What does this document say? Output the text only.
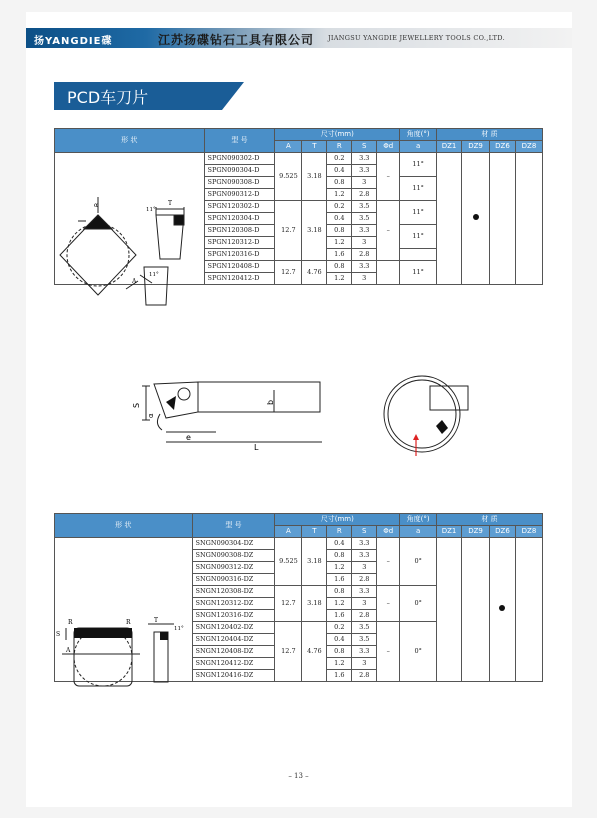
扬YANGDIE碟	江苏扬碟钻石工具有限公司 JIANGSU YANGDIE JEWELLERY TOOLS CO.,LTD.
PCD车刀片
形 状	型 号	尺寸(mm)					角度(°)	材 质			
		A	T	R	S	Φd	a	DZ1	DZ9	DZ6	DZ8
	SPGN090302-D	9.525	3.18	0.2	3.3	–	11°				
	SPGN090304-D			0.4	3.3						
	SPGN090308-D			0.8	3		11°				
	SPGN090312-D			1.2	2.8						
	SPGN120302-D	12.7	3.18	0.2	3.5	–	11°				
	SPGN120304-D			0.4	3.5						
	SPGN120308-D			0.8	3.3		11°				
	SPGN120312-D			1.2	3						
	SPGN120316-D			1.6	2.8						
	SPGN120408-D	12.7	4.76	0.8	3.3		11°				
	SPGN120412-D			1.2	3						
α	T
11°
11°
A
S
α
b
e
L
形 状	型 号	尺寸(mm)					角度(°)	材 质			
		A	T	R	S	Φd	a	DZ1	DZ9	DZ6	DZ8
	SNGN090304-DZ	9.525	3.18	0.4	3.3	–	0°				
	SNGN090308-DZ			0.8	3.3						
	SNGN090312-DZ			1.2	3						
	SNGN090316-DZ			1.6	2.8						
	SNGN120308-DZ	12.7	3.18	0.8	3.3	–	0°				
	SNGN120312-DZ			1.2	3						
	SNGN120316-DZ			1.6	2.8						
	SNGN120402-DZ	12.7	4.76	0.2	3.5	–	0°				
	SNGN120404-DZ			0.4	3.5						
	SNGN120408-DZ			0.8	3.3						
	SNGN120412-DZ			1.2	3						
	SNGN120416-DZ			1.6	2.8						
R	R
S
A
T
11°
– 13 –
